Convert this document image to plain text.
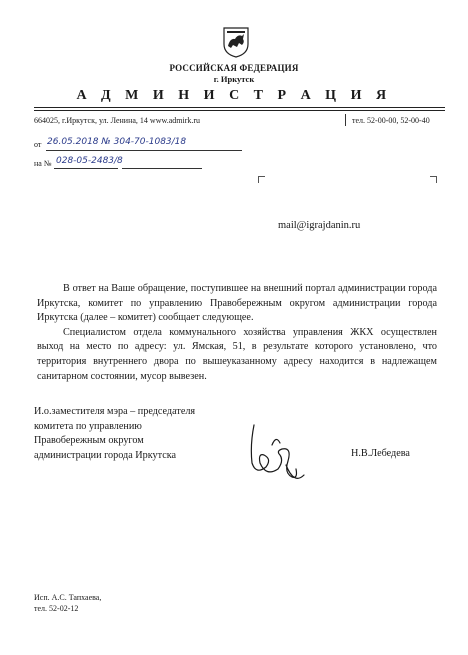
РОССИЙСКАЯ ФЕДЕРАЦИЯ
г. Иркутск
А Д М И Н И С Т Р А Ц И Я
664025, г.Иркутск, ул. Ленина, 14 www.admirk.ru	тел. 52-00-00, 52-00-40
от 26.05.2018 № 304-70-1083/18
на № 028-05-2483/8
mail@igrajdanin.ru

В ответ на Ваше обращение, поступившее на внешний портал администрации города Иркутска, комитет по управлению Правобережным округом администрации города Иркутска (далее – комитет) сообщает следующее.

Специалистом отдела коммунального хозяйства управления ЖКХ осуществлен выход на место по адресу: ул. Ямская, 51, в результате которого установлено, что территория внутреннего двора по вышеуказанному адресу находится в надлежащем санитарном состоянии, мусор вывезен.

И.о.заместителя мэра – председателя
комитета по управлению
Правобережным округом
администрации города Иркутска	Н.В.Лебедева
Исп. А.С. Тапхаева,
тел. 52-02-12
